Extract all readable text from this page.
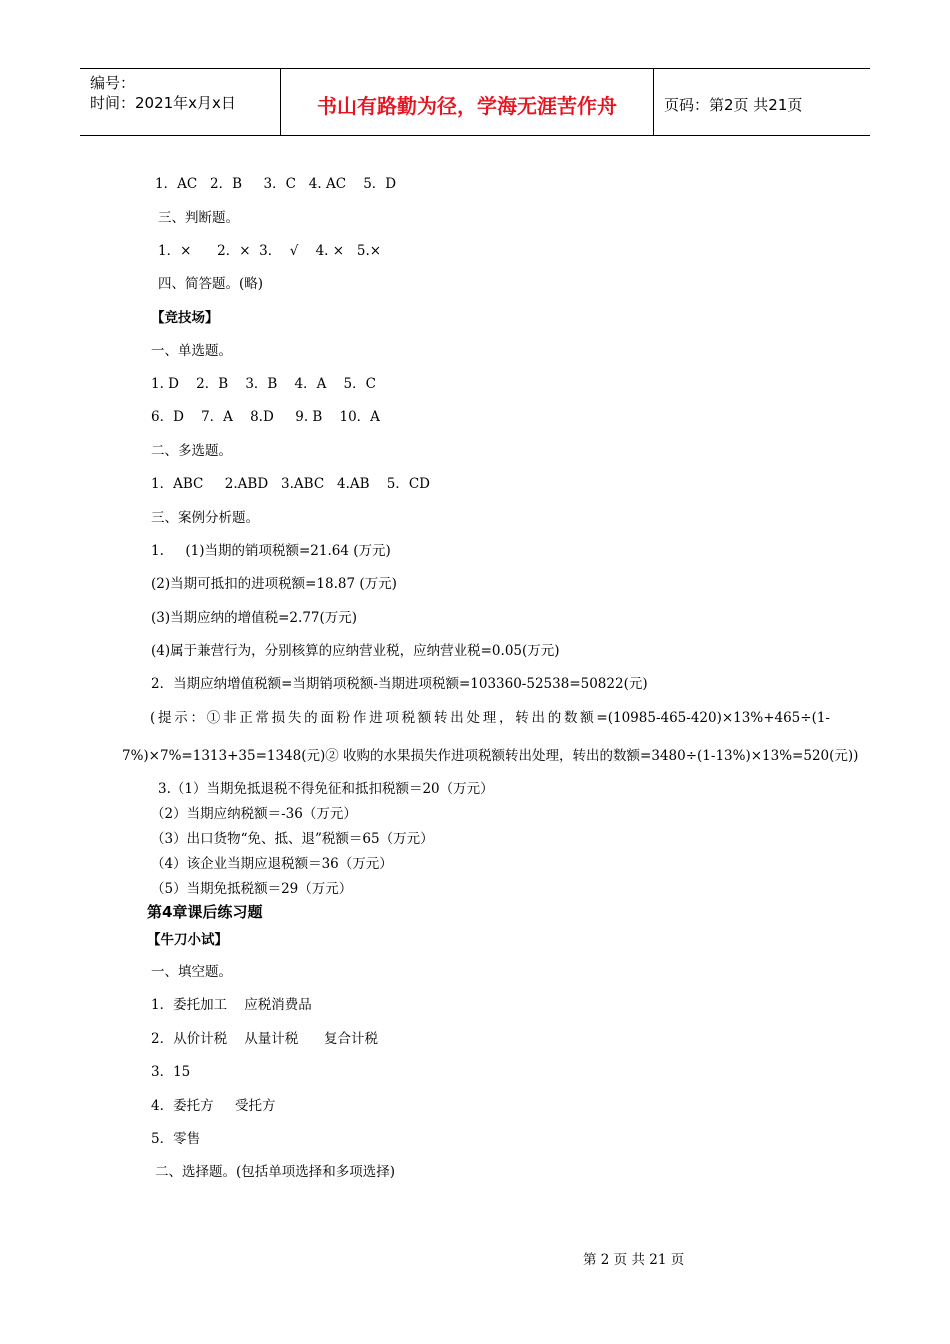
编号：
时间：2021年x月x日	书山有路勤为径，学海无涯苦作舟	页码：第2页 共21页
1．AC   2．B     3．C   4. AC    5．D
三、判断题。
1．×      2．×  3．  √    4. ×   5.×
四、简答题。(略)
【竞技场】
一、单选题。
1. D    2．B    3．B    4．A    5．C
6．D    7．A    8.D     9. B    10．A
二、多选题。
1．ABC     2.ABD   3.ABC   4.AB    5．CD
三、案例分析题。
1.     (1)当期的销项税额=21.64 (万元)
(2)当期可抵扣的进项税额=18.87 (万元)
(3)当期应纳的增值税=2.77(万元)
(4)属于兼营行为，分别核算的应纳营业税，应纳营业税=0.05(万元)
2．当期应纳增值税额=当期销项税额-当期进项税额=103360-52538=50822(元)
(提示：①非正常损失的面粉作进项税额转出处理，转出的数额=(10985-465-420)×13%+465÷(1-
7%)×7%=1313+35=1348(元)② 收购的水果损失作进项税额转出处理，转出的数额=3480÷(1-13%)×13%=520(元))
3.（1）当期免抵退税不得免征和抵扣税额＝20（万元）
（2）当期应纳税额＝-36（万元）
（3）出口货物“免、抵、退”税额＝65（万元）
（4）该企业当期应退税额＝36（万元）
（5）当期免抵税额＝29（万元）
第4章课后练习题
【牛刀小试】
一、填空题。
1．委托加工    应税消费品
2．从价计税    从量计税      复合计税
3．15
4．委托方     受托方
5．零售
二、选择题。(包括单项选择和多项选择)
第 2 页 共 21 页
